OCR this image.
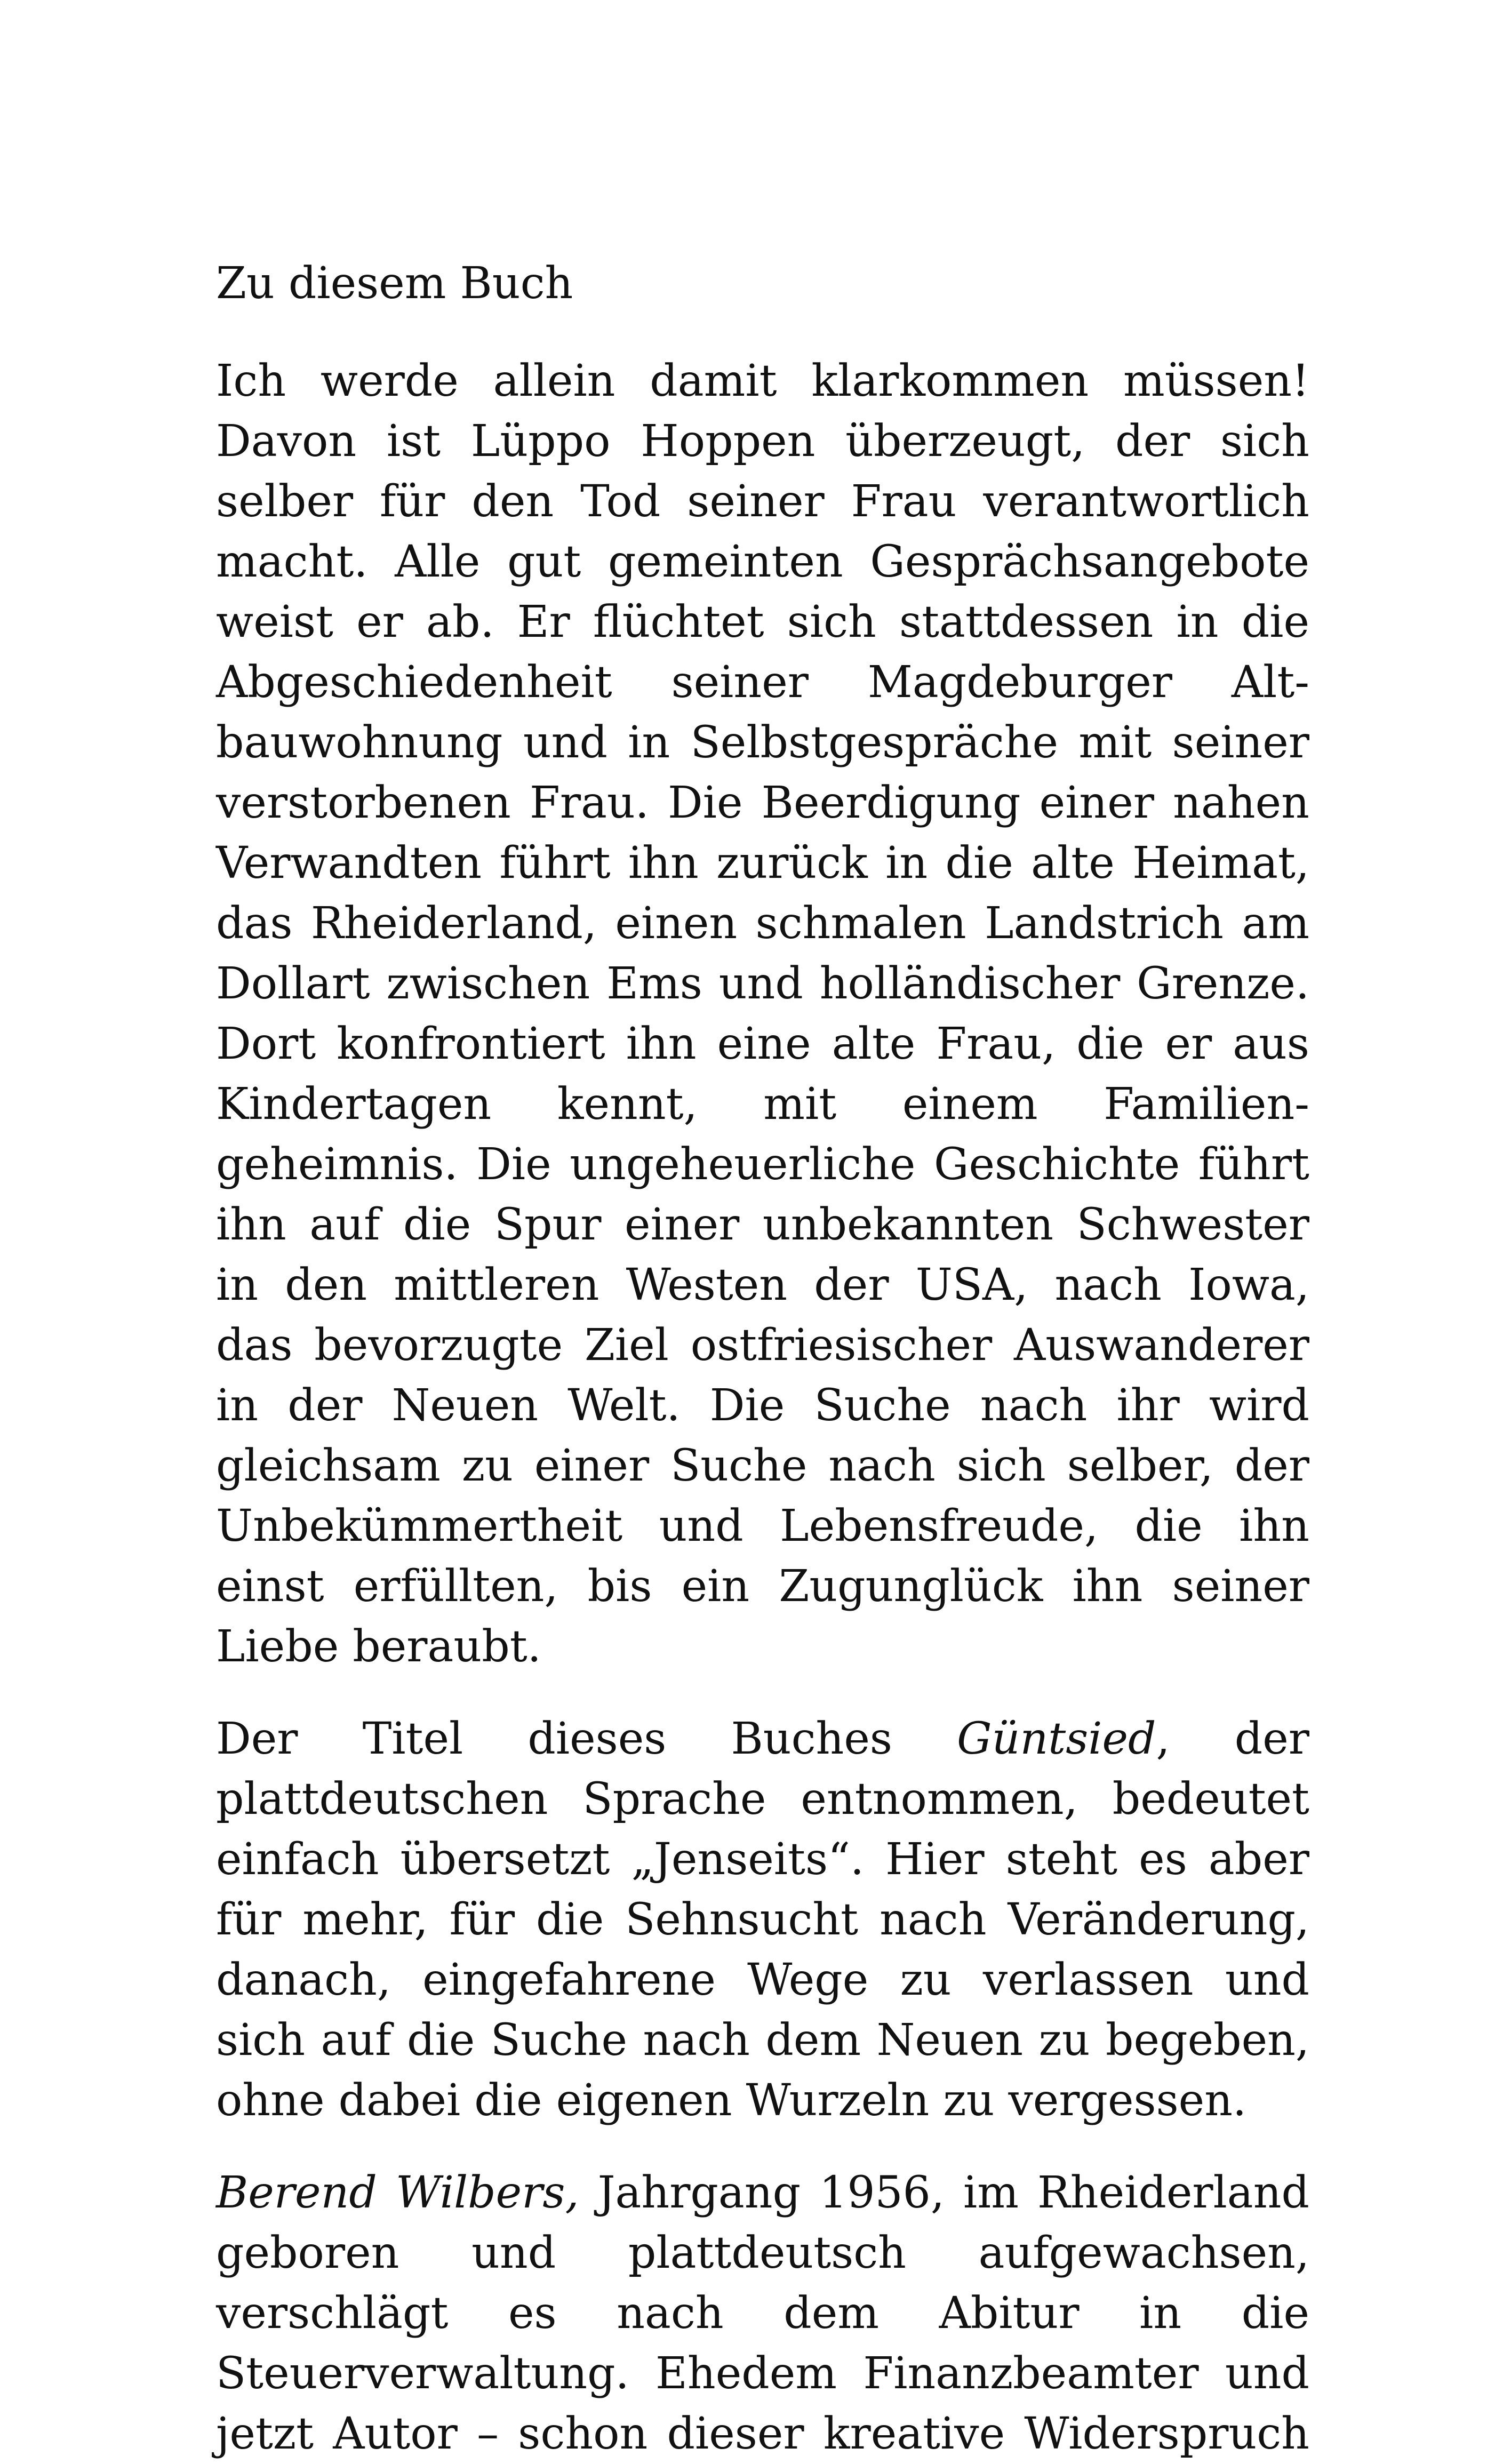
Zu diesem Buch

Ich werde allein damit klarkommen müssen! Davon ist Lüppo Hoppen überzeugt, der sich selber für den Tod seiner Frau verantwortlich macht. Alle gut gemeinten Gesprächsangebote weist er ab. Er flüchtet sich stattdessen in die Abgeschiedenheit seiner Magdeburger Altbauwohnung und in Selbstgespräche mit seiner verstorbenen Frau. Die Beerdigung einer nahen Verwandten führt ihn zurück in die alte Heimat, das Rheiderland, einen schmalen Landstrich am Dollart zwischen Ems und holländischer Grenze. Dort konfrontiert ihn eine alte Frau, die er aus Kindertagen kennt, mit einem Familiengeheimnis. Die ungeheuerliche Geschichte führt ihn auf die Spur einer unbekannten Schwester in den mittleren Westen der USA, nach Iowa, das bevorzugte Ziel ostfriesischer Auswanderer in der Neuen Welt. Die Suche nach ihr wird gleichsam zu einer Suche nach sich selber, der Unbekümmertheit und Lebensfreude, die ihn einst erfüllten, bis ein Zugunglück ihn seiner Liebe beraubt.

Der Titel dieses Buches Güntsied, der plattdeutschen Sprache entnommen, bedeutet einfach übersetzt „Jenseits“. Hier steht es aber für mehr, für die Sehnsucht nach Veränderung, danach, eingefahrene Wege zu verlassen und sich auf die Suche nach dem Neuen zu begeben, ohne dabei die eigenen Wurzeln zu vergessen.

Berend Wilbers, Jahrgang 1956, im Rheiderland geboren und plattdeutsch aufgewachsen, verschlägt es nach dem Abitur in die Steuerverwaltung. Ehedem Finanzbeamter und jetzt Autor – schon dieser kreative Widerspruch
